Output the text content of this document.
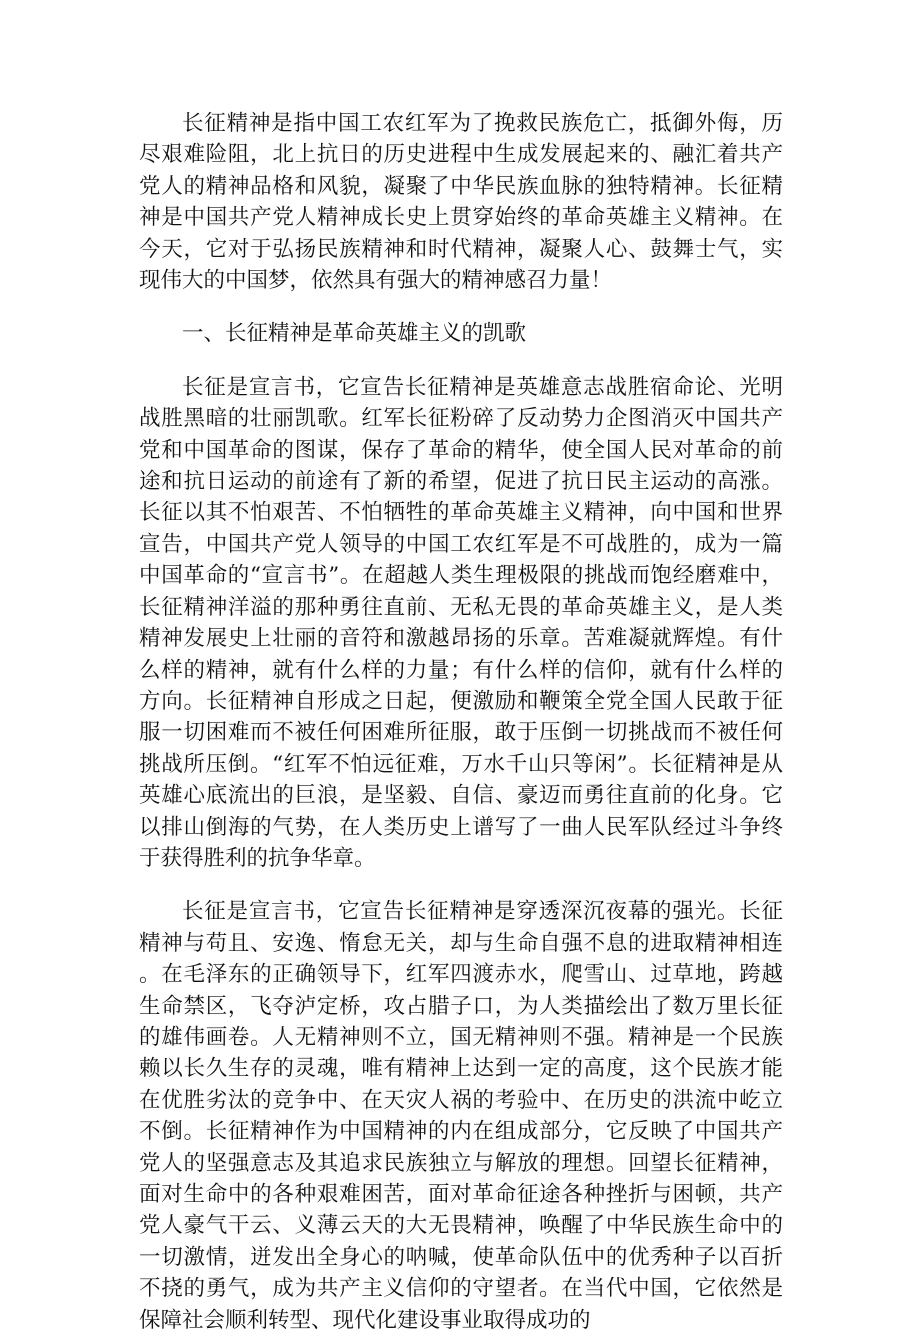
长征精神是指中国工农红军为了挽救民族危亡，抵御外侮，历尽艰难险阻，北上抗日的历史进程中生成发展起来的、融汇着共产党人的精神品格和风貌，凝聚了中华民族血脉的独特精神。长征精神是中国共产党人精神成长史上贯穿始终的革命英雄主义精神。在今天，它对于弘扬民族精神和时代精神，凝聚人心、鼓舞士气，实现伟大的中国梦，依然具有强大的精神感召力量！

一、长征精神是革命英雄主义的凯歌

长征是宣言书，它宣告长征精神是英雄意志战胜宿命论、光明战胜黑暗的壮丽凯歌。红军长征粉碎了反动势力企图消灭中国共产党和中国革命的图谋，保存了革命的精华，使全国人民对革命的前途和抗日运动的前途有了新的希望，促进了抗日民主运动的高涨。长征以其不怕艰苦、不怕牺牲的革命英雄主义精神，向中国和世界宣告，中国共产党人领导的中国工农红军是不可战胜的，成为一篇中国革命的“宣言书”。在超越人类生理极限的挑战而饱经磨难中，长征精神洋溢的那种勇往直前、无私无畏的革命英雄主义，是人类精神发展史上壮丽的音符和激越昂扬的乐章。苦难凝就辉煌。有什么样的精神，就有什么样的力量；有什么样的信仰，就有什么样的方向。长征精神自形成之日起，便激励和鞭策全党全国人民敢于征服一切困难而不被任何困难所征服，敢于压倒一切挑战而不被任何挑战所压倒。“红军不怕远征难，万水千山只等闲”。长征精神是从英雄心底流出的巨浪，是坚毅、自信、豪迈而勇往直前的化身。它以排山倒海的气势，在人类历史上谱写了一曲人民军队经过斗争终于获得胜利的抗争华章。

长征是宣言书，它宣告长征精神是穿透深沉夜幕的强光。长征精神与苟且、安逸、惰怠无关，却与生命自强不息的进取精神相连。在毛泽东的正确领导下，红军四渡赤水，爬雪山、过草地，跨越生命禁区，飞夺泸定桥，攻占腊子口，为人类描绘出了数万里长征的雄伟画卷。人无精神则不立，国无精神则不强。精神是一个民族赖以长久生存的灵魂，唯有精神上达到一定的高度，这个民族才能在优胜劣汰的竞争中、在天灾人祸的考验中、在历史的洪流中屹立不倒。长征精神作为中国精神的内在组成部分，它反映了中国共产党人的坚强意志及其追求民族独立与解放的理想。回望长征精神，面对生命中的各种艰难困苦，面对革命征途各种挫折与困顿，共产党人豪气干云、义薄云天的大无畏精神，唤醒了中华民族生命中的一切激情，迸发出全身心的呐喊，使革命队伍中的优秀种子以百折不挠的勇气，成为共产主义信仰的守望者。在当代中国，它依然是保障社会顺利转型、现代化建设事业取得成功的
